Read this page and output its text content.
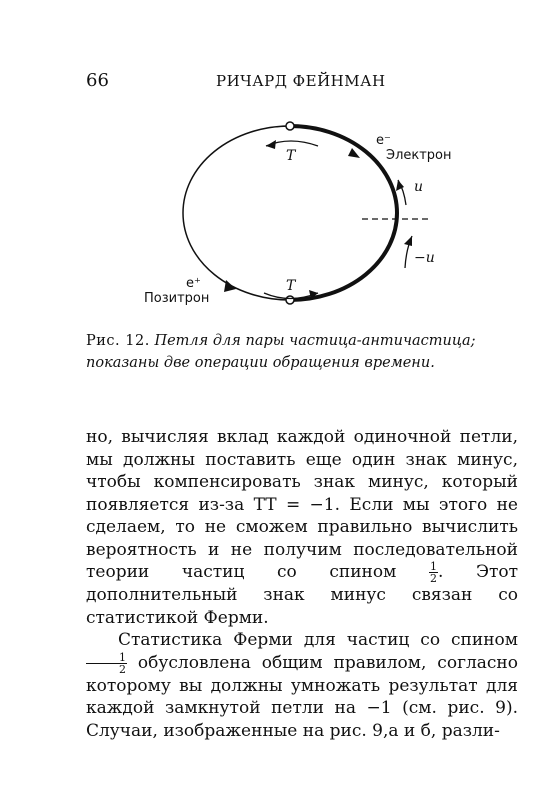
66	РИЧАРД ФЕЙНМАН
e⁻
Электрон
e⁺
Позитрон
T
T
u
−u
Рис. 12. Петля для пары частица-античастица; показаны две операции обращения времени.

но, вычисляя вклад каждой одиночной петли, мы должны поставить еще один знак минус, чтобы компенсировать знак минус, который появляется из-за TT = −1. Если мы этого не сделаем, то не сможем правильно вычислить вероятность и не получим последовательной теории частиц со спином $\frac{1}{2}$ . Этот дополнительный знак минус связан со статистикой Ферми.

Статистика Ферми для частиц со спином
$\frac{1}{2}$ обусловлена общим правилом, согласно которому вы должны умножать результат для каждой замкнутой петли на −1 (см. рис. 9). Случаи, изображенные на рис. 9,a и б, разли-
